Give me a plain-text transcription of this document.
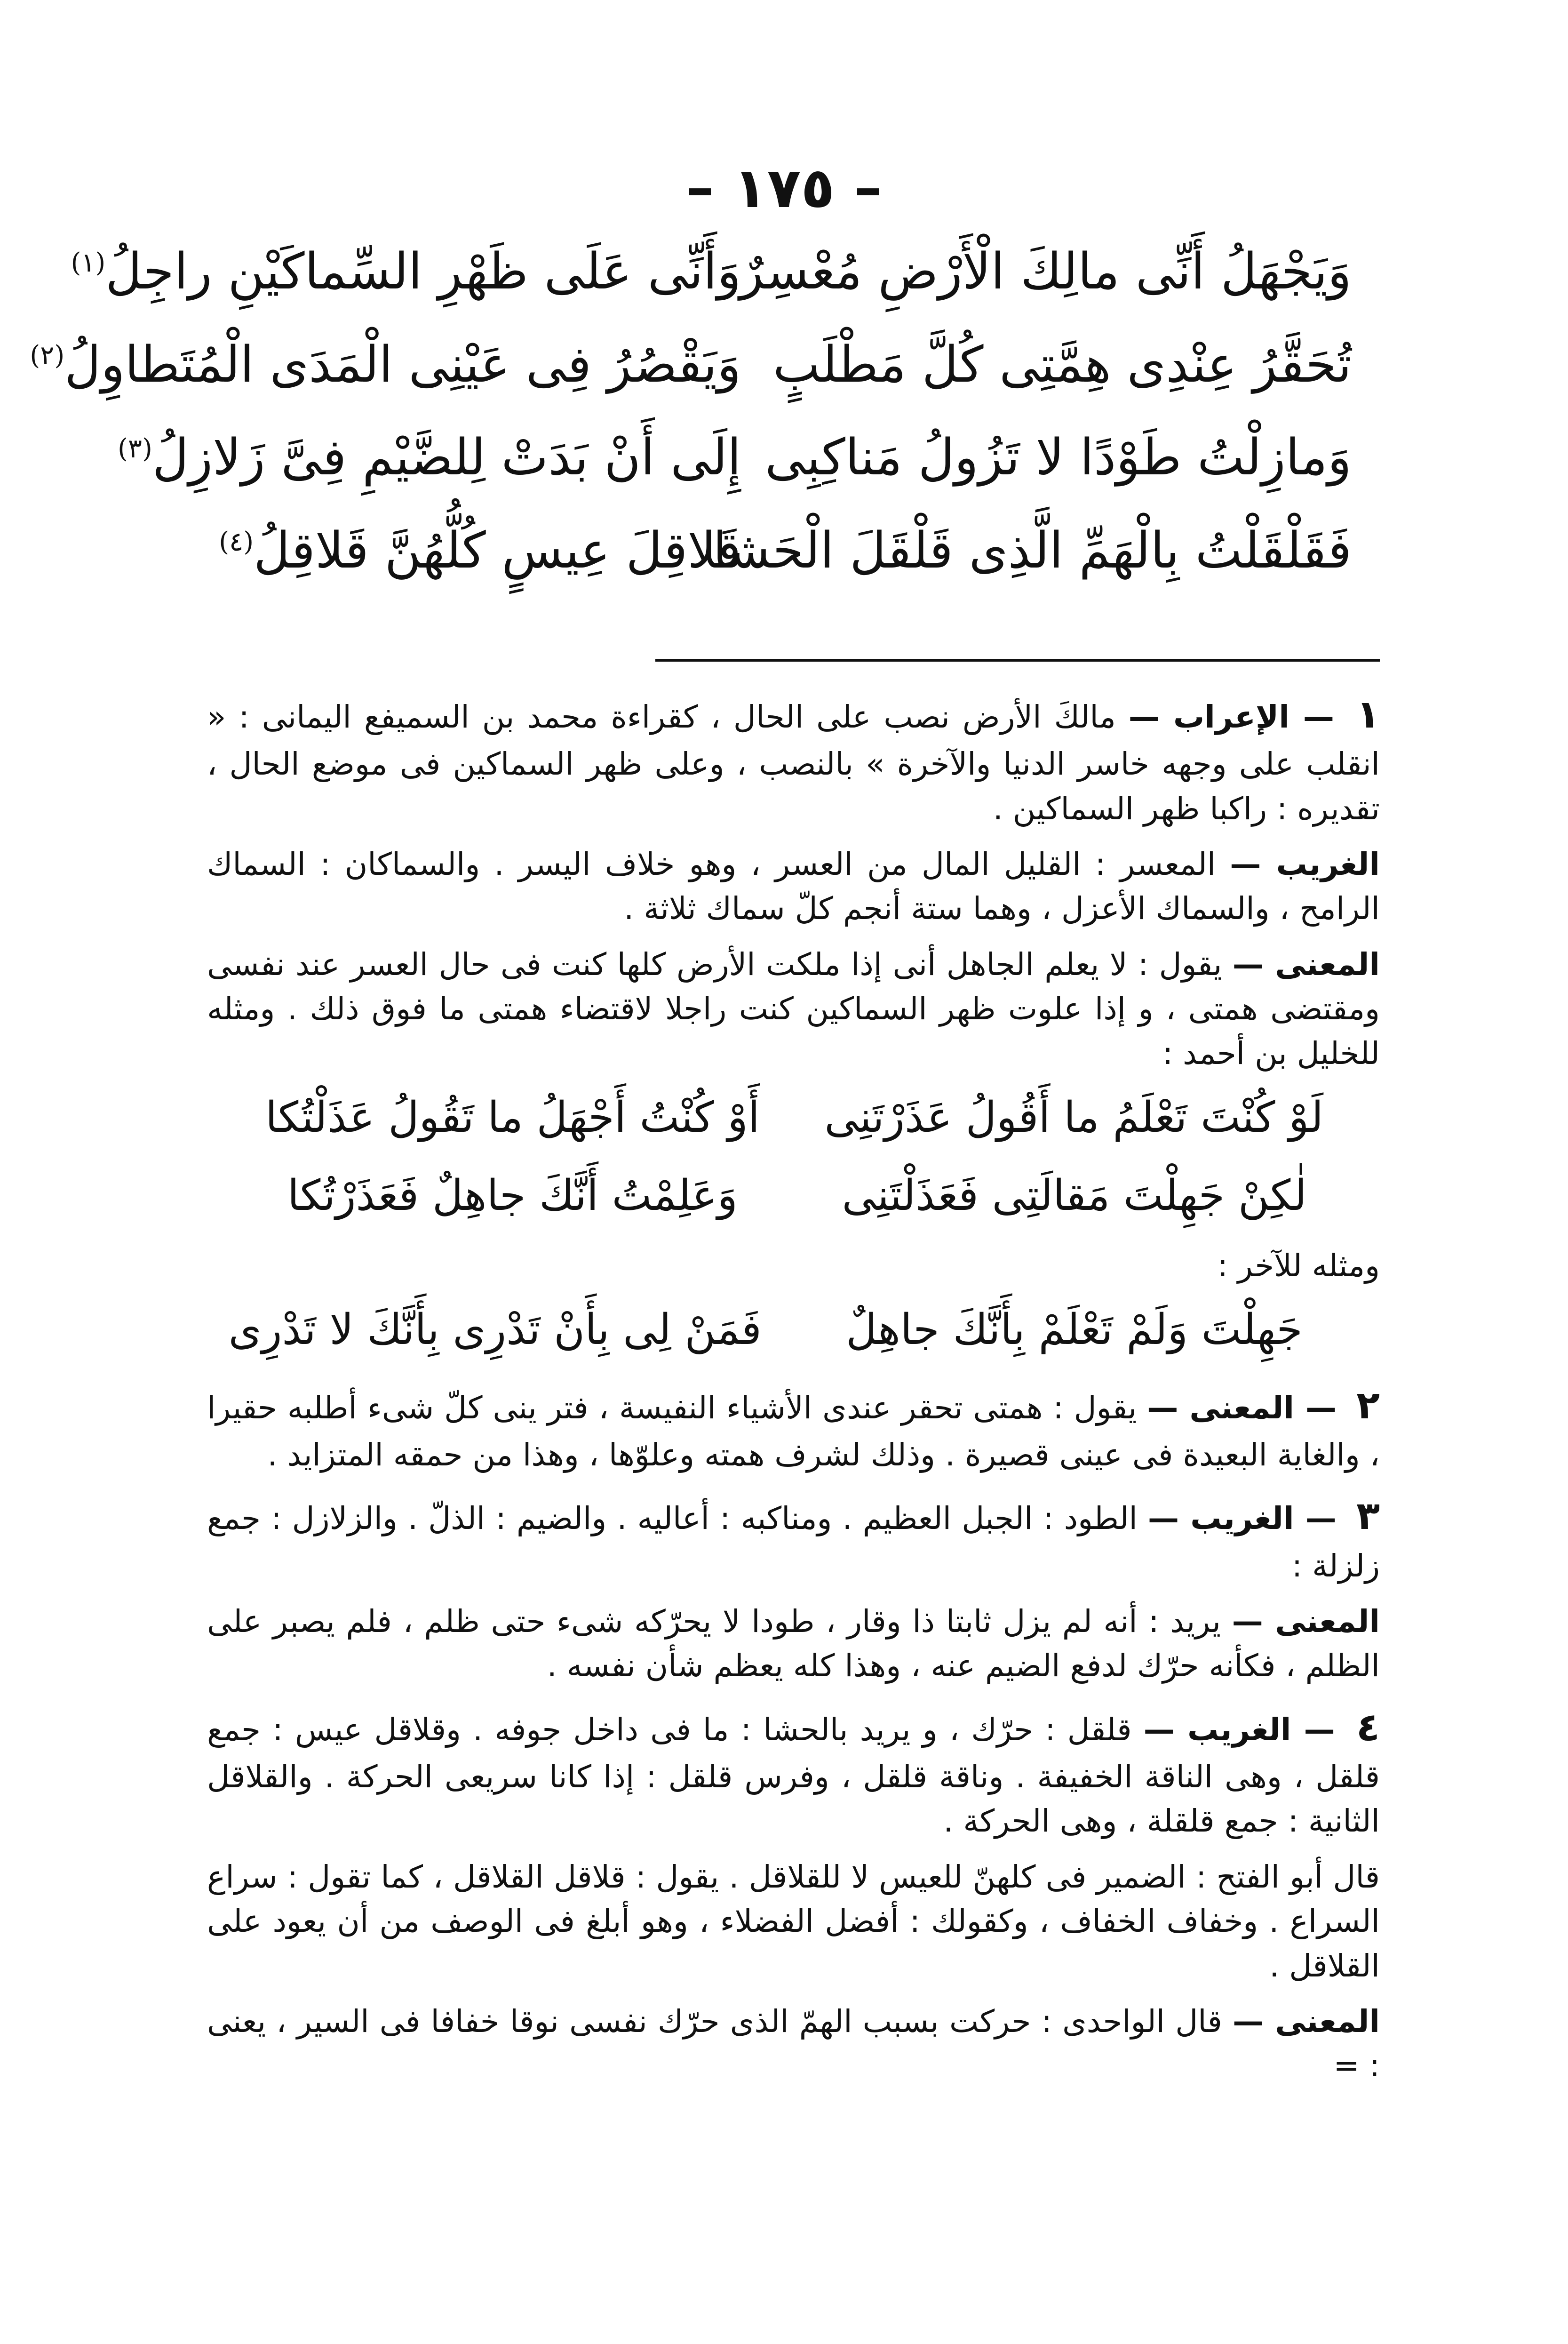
– ١٧٥ –
وَيَجْهَلُ أَنِّى مالِكَ الْأَرْضِ مُعْسِرٌ
وَأَنِّى عَلَى ظَهْرِ السِّماكَيْنِ راجِلُ$^{(١)}$
تُحَقَّرُ عِنْدِى هِمَّتِى كُلَّ مَطْلَبٍ
وَيَقْصُرُ فِى عَيْنِى الْمَدَى الْمُتَطاوِلُ$^{(٢)}$
وَمازِلْتُ طَوْدًا لا تَزُولُ مَناكِبِى
إِلَى أَنْ بَدَتْ لِلضَّيْمِ فِىَّ زَلازِلُ$^{(٣)}$
فَقَلْقَلْتُ بِالْهَمِّ الَّذِى قَلْقَلَ الْحَشا
قَلاقِلَ عِيسٍ كُلُّهُنَّ قَلاقِلُ$^{(٤)}$

١ — الإعراب — مالكَ الأرض نصب على الحال ، كقراءة محمد بن السميفع اليمانى : « انقلب على وجهه خاسر الدنيا والآخرة » بالنصب ، وعلى ظهر السماكين فى موضع الحال ، تقديره : راكبا ظهر السماكين .

الغريب — المعسر : القليل المال من العسر ، وهو خلاف اليسر . والسماكان : السماك الرامح ، والسماك الأعزل ، وهما ستة أنجم كلّ سماك ثلاثة .

المعنى — يقول : لا يعلم الجاهل أنى إذا ملكت الأرض كلها كنت فى حال العسر عند نفسى ومقتضى همتى ، و إذا علوت ظهر السماكين كنت راجلا لاقتضاء همتى ما فوق ذلك . ومثله للخليل بن أحمد :

لَوْ كُنْتَ تَعْلَمُ ما أَقُولُ عَذَرْتَنِى
أَوْ كُنْتُ أَجْهَلُ ما تَقُولُ عَذَلْتُكا
لٰكِنْ جَهِلْتَ مَقالَتِى فَعَذَلْتَنِى
وَعَلِمْتُ أَنَّكَ جاهِلٌ فَعَذَرْتُكا

ومثله للآخر :

جَهِلْتَ وَلَمْ تَعْلَمْ بِأَنَّكَ جاهِلٌ
فَمَنْ لِى بِأَنْ تَدْرِى بِأَنَّكَ لا تَدْرِى

٢ — المعنى — يقول : همتى تحقر عندى الأشياء النفيسة ، فتر ينى كلّ شىء أطلبه حقيرا ، والغاية البعيدة فى عينى قصيرة . وذلك لشرف همته وعلوّها ، وهذا من حمقه المتزايد .

٣ — الغريب — الطود : الجبل العظيم . ومناكبه : أعاليه . والضيم : الذلّ . والزلازل : جمع زلزلة :

المعنى — يريد : أنه لم يزل ثابتا ذا وقار ، طودا لا يحرّكه شىء حتى ظلم ، فلم يصبر على الظلم ، فكأنه حرّك لدفع الضيم عنه ، وهذا كله يعظم شأن نفسه .

٤ — الغريب — قلقل : حرّك ، و يريد بالحشا : ما فى داخل جوفه . وقلاقل عيس : جمع قلقل ، وهى الناقة الخفيفة . وناقة قلقل ، وفرس قلقل : إذا كانا سريعى الحركة . والقلاقل الثانية : جمع قلقلة ، وهى الحركة .

قال أبو الفتح : الضمير فى كلهنّ للعيس لا للقلاقل . يقول : قلاقل القلاقل ، كما تقول : سراع السراع . وخفاف الخفاف ، وكقولك : أفضل الفضلاء ، وهو أبلغ فى الوصف من أن يعود على القلاقل .

المعنى — قال الواحدى : حركت بسبب الهمّ الذى حرّك نفسى نوقا خفافا فى السير ، يعنى : =
